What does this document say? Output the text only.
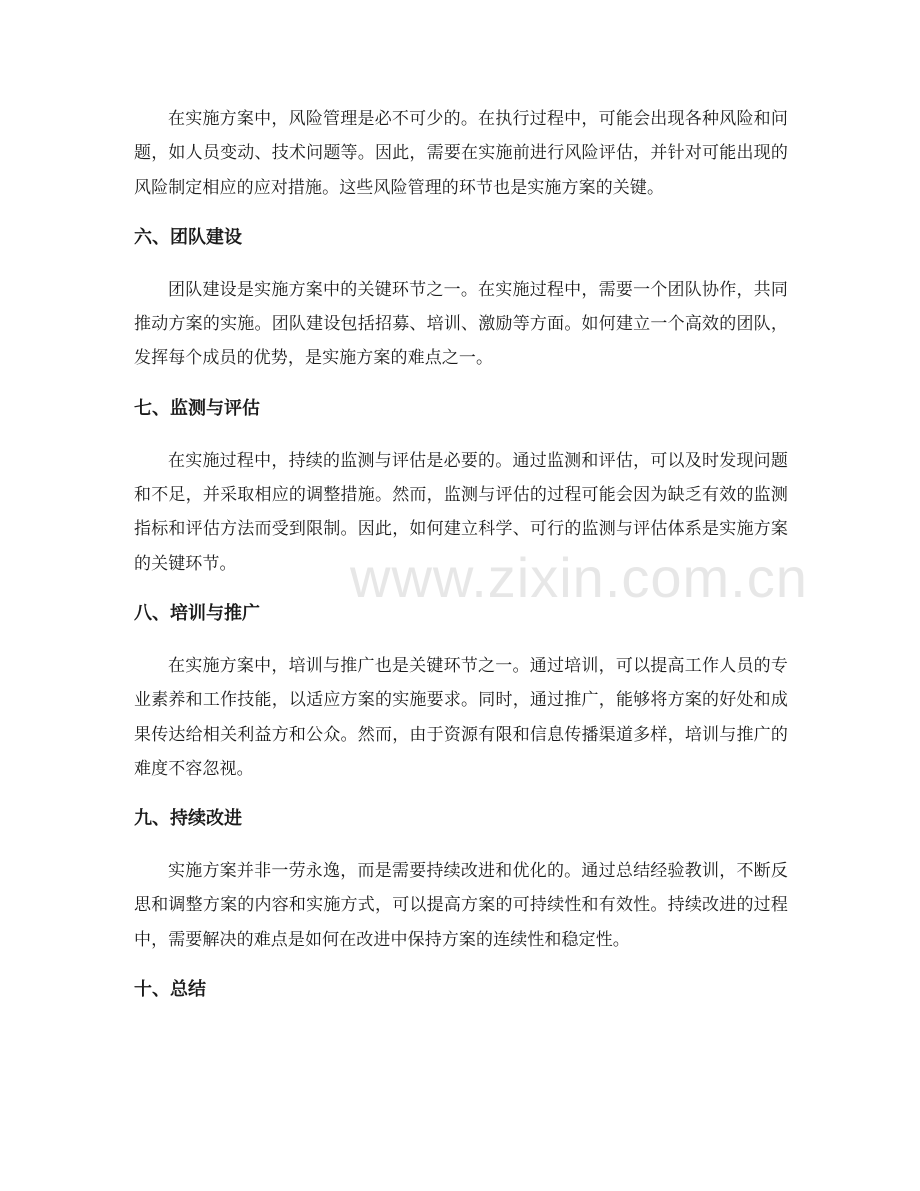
在实施方案中，风险管理是必不可少的。在执行过程中，可能会出现各种风险和问题，如人员变动、技术问题等。因此，需要在实施前进行风险评估，并针对可能出现的风险制定相应的应对措施。这些风险管理的环节也是实施方案的关键。

六、团队建设

团队建设是实施方案中的关键环节之一。在实施过程中，需要一个团队协作，共同推动方案的实施。团队建设包括招募、培训、激励等方面。如何建立一个高效的团队，发挥每个成员的优势，是实施方案的难点之一。

七、监测与评估

在实施过程中，持续的监测与评估是必要的。通过监测和评估，可以及时发现问题和不足，并采取相应的调整措施。然而，监测与评估的过程可能会因为缺乏有效的监测指标和评估方法而受到限制。因此，如何建立科学、可行的监测与评估体系是实施方案的关键环节。

八、培训与推广

在实施方案中，培训与推广也是关键环节之一。通过培训，可以提高工作人员的专业素养和工作技能，以适应方案的实施要求。同时，通过推广，能够将方案的好处和成果传达给相关利益方和公众。然而，由于资源有限和信息传播渠道多样，培训与推广的难度不容忽视。

九、持续改进

实施方案并非一劳永逸，而是需要持续改进和优化的。通过总结经验教训，不断反思和调整方案的内容和实施方式，可以提高方案的可持续性和有效性。持续改进的过程中，需要解决的难点是如何在改进中保持方案的连续性和稳定性。

十、总结
www.zixin.com.cn
